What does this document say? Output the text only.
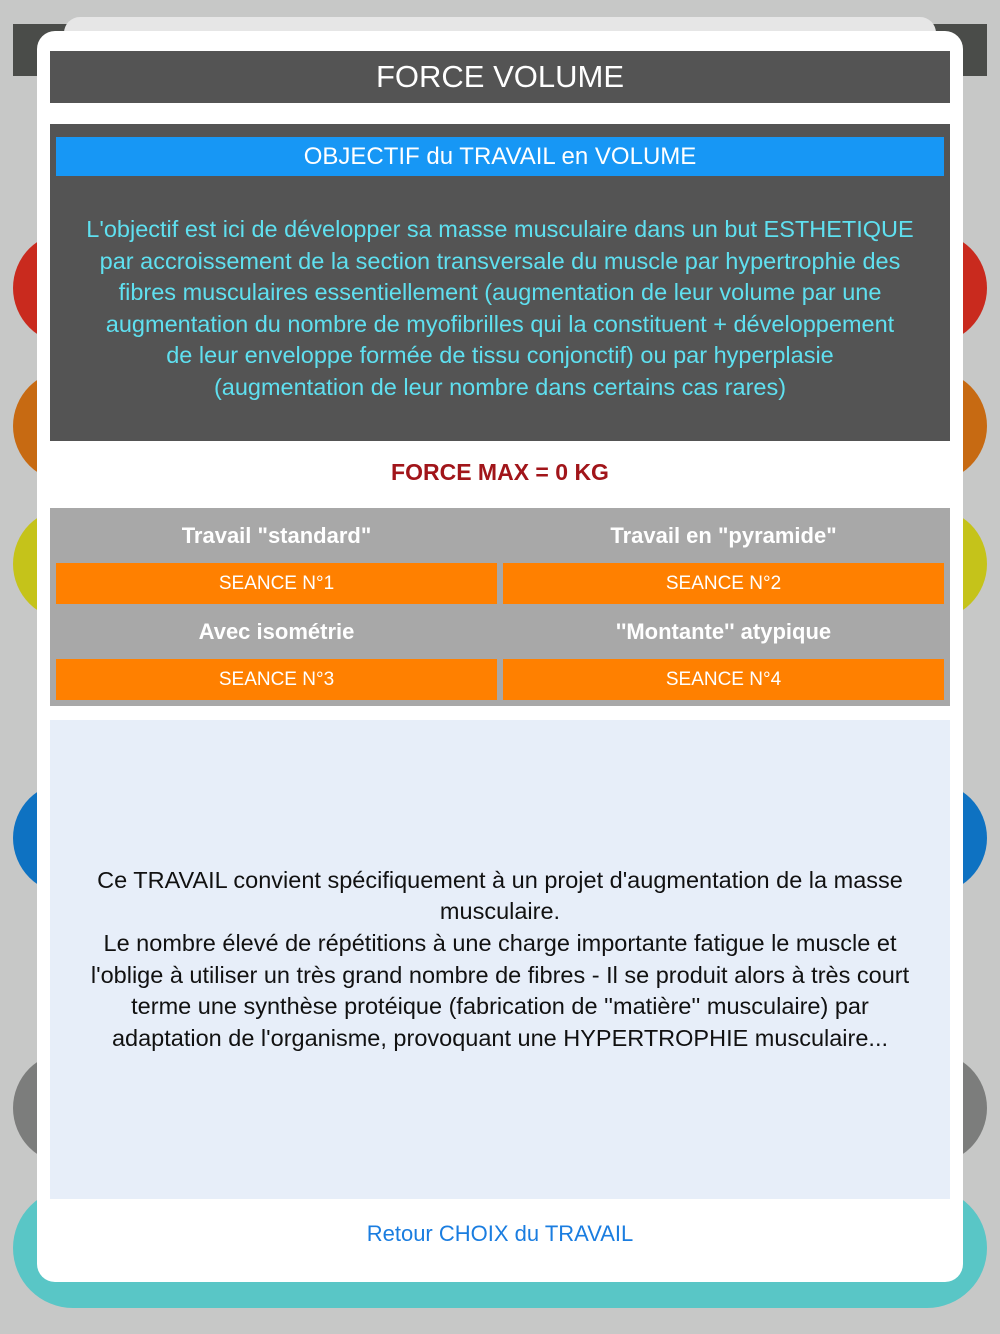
FORCE VOLUME
OBJECTIF du TRAVAIL en VOLUME
L'objectif est ici de développer sa masse musculaire dans un but ESTHETIQUE
par accroissement de la section transversale du muscle par hypertrophie des
fibres musculaires essentiellement (augmentation de leur volume par une
augmentation du nombre de myofibrilles qui la constituent + développement
de leur enveloppe formée de tissu conjonctif) ou par hyperplasie
(augmentation de leur nombre dans certains cas rares)
FORCE MAX = 0 KG
Travail "standard"	Travail en "pyramide"
SEANCE N°1	SEANCE N°2
Avec isométrie	''Montante'' atypique
SEANCE N°3	SEANCE N°4
Ce TRAVAIL convient spécifiquement à un projet d'augmentation de la masse
musculaire.
Le nombre élevé de répétitions à une charge importante fatigue le muscle et
l'oblige à utiliser un très grand nombre de fibres - Il se produit alors à très court
terme une synthèse protéique (fabrication de ''matière'' musculaire) par
adaptation de l'organisme, provoquant une HYPERTROPHIE musculaire...
Retour CHOIX du TRAVAIL
